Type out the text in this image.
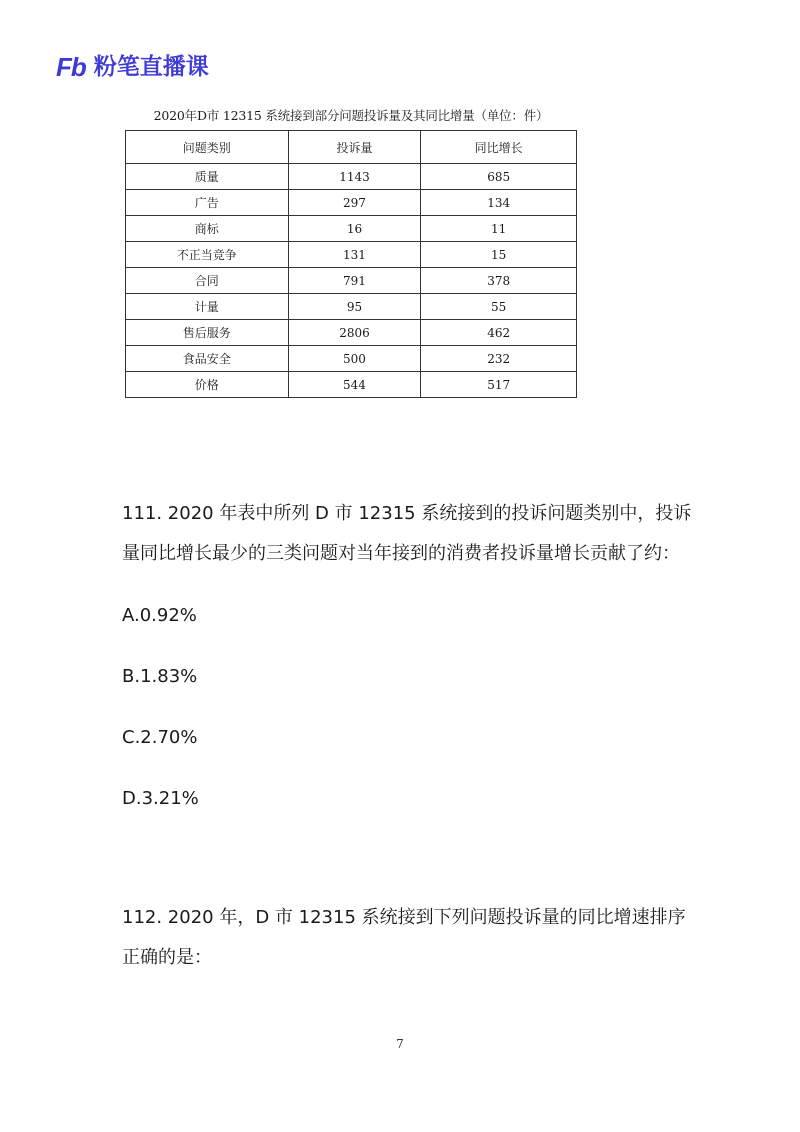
Fb 粉笔直播课
2020年D市 12315 系统接到部分问题投诉量及其同比增量（单位：件）
问题类别	投诉量	同比增长
质量	1143	685
广告	297	134
商标	16	11
不正当竞争	131	15
合同	791	378
计量	95	55
售后服务	2806	462
食品安全	500	232
价格	544	517
111. 2020 年表中所列 D 市 12315 系统接到的投诉问题类别中，投诉量同比增长最少的三类问题对当年接到的消费者投诉量增长贡献了约：
A.0.92%
B.1.83%
C.2.70%
D.3.21%
112. 2020 年，D 市 12315 系统接到下列问题投诉量的同比增速排序正确的是：
7
